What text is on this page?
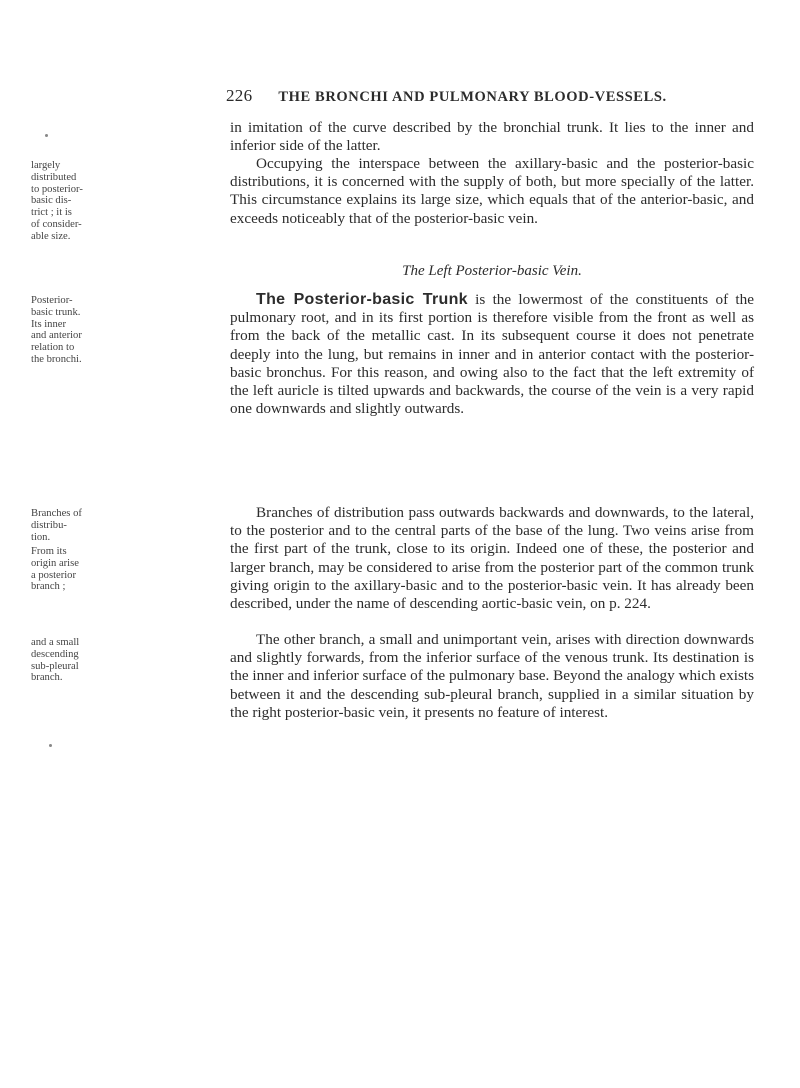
226 THE BRONCHI AND PULMONARY BLOOD-VESSELS.

in imitation of the curve described by the bronchial trunk. It lies to the inner and inferior side of the latter.

largely
distributed
to posterior-
basic dis-
trict ; it is
of consider-
able size.

Occupying the interspace between the axillary-basic and the posterior-basic distributions, it is concerned with the supply of both, but more specially of the latter. This circumstance explains its large size, which equals that of the anterior-basic, and exceeds noticeably that of the posterior-basic vein.

The Left Posterior-basic Vein.
Posterior-
basic trunk.
Its inner
and anterior
relation to
the bronchi.

The Posterior-basic Trunk is the lowermost of the constituents of the pulmonary root, and in its first portion is therefore visible from the front as well as from the back of the metallic cast. In its subsequent course it does not penetrate deeply into the lung, but remains in inner and in anterior contact with the posterior-basic bronchus. For this reason, and owing also to the fact that the left extremity of the left auricle is tilted upwards and backwards, the course of the vein is a very rapid one downwards and slightly outwards.

Branches of
distribu-
tion.
From its
origin arise
a posterior
branch ;

Branches of distribution pass outwards backwards and downwards, to the lateral, to the posterior and to the central parts of the base of the lung. Two veins arise from the first part of the trunk, close to its origin. Indeed one of these, the posterior and larger branch, may be considered to arise from the posterior part of the common trunk giving origin to the axillary-basic and to the posterior-basic vein. It has already been described, under the name of descending aortic-basic vein, on p. 224.

and a small
descending
sub-pleural
branch.

The other branch, a small and unimportant vein, arises with direction downwards and slightly forwards, from the inferior surface of the venous trunk. Its destination is the inner and inferior surface of the pulmonary base. Beyond the analogy which exists between it and the descending sub-pleural branch, supplied in a similar situation by the right posterior-basic vein, it presents no feature of interest.
